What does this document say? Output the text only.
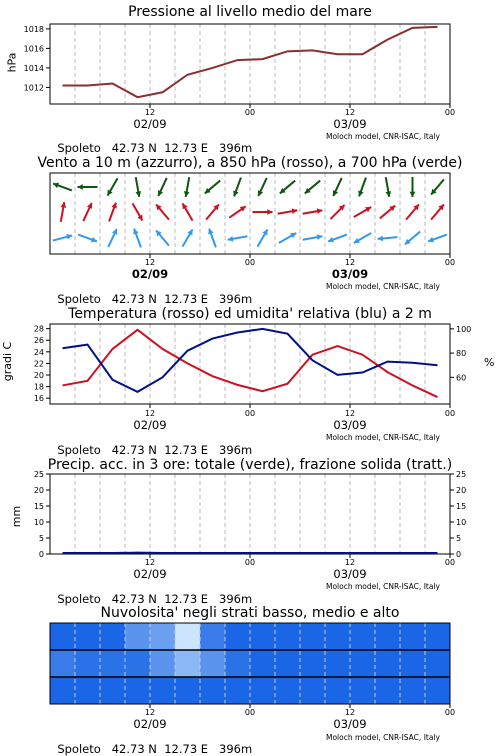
Pressione al livello medio del mare
hPa
1012
1014
1016
1018
12	00	12	00
02/09	03/09

Spoleto 42.73 N 12.73 E 396m

Moloch model, CNR-ISAC, Italy
Vento a 10 m (azzurro), a 850 hPa (rosso), a 700 hPa (verde)
12	00	12	00
02/09	03/09

Spoleto 42.73 N 12.73 E 396m

Moloch model, CNR-ISAC, Italy
Temperatura (rosso) ed umidita' relativa (blu) a 2 m
gradi C	%
16
18
20
22
24
26
28
60
80
100
12	00	12	00
02/09	03/09

Spoleto 42.73 N 12.73 E 396m

Moloch model, CNR-ISAC, Italy
Precip. acc. in 3 ore: totale (verde), frazione solida (tratt.)
mm
0	0
5	5
10	10
15	15
20	20
25	25
12	00	12	00
02/09	03/09

Spoleto 42.73 N 12.73 E 396m

Moloch model, CNR-ISAC, Italy
Nuvolosita' negli strati basso, medio e alto
12	00	12	00
02/09	03/09

Spoleto 42.73 N 12.73 E 396m

Moloch model, CNR-ISAC, Italy
